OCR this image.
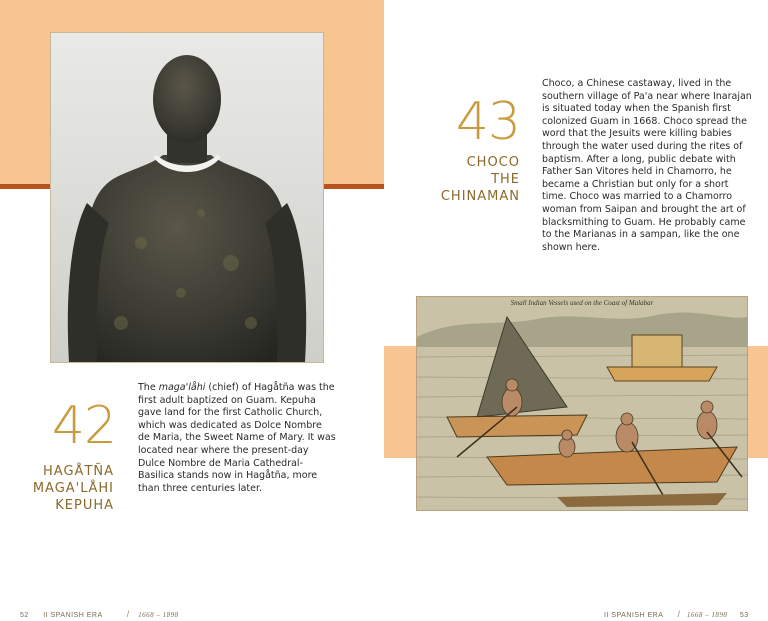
42
HAGÅTÑA
MAGA'LÅHI
KEPUHA
The maga'låhi (chief) of Hagåtña was the first adult baptized on Guam. Kepuha gave land for the first Catholic Church, which was dedicated as Dolce Nombre de Maria, the Sweet Name of Mary. It was located near where the present-day Dulce Nombre de Maria Cathedral-Basilica stands now in Hagåtña, more than three centuries later.
43
CHOCO
THE
CHINAMAN
Choco, a Chinese castaway, lived in the southern village of Pa'a near where Inarajan is situated today when the Spanish first colonized Guam in 1668. Choco spread the word that the Jesuits were killing babies through the water used during the rites of baptism. After a long, public debate with Father San Vitores held in Chamorro, he became a Christian but only for a short time. Choco was married to a Chamorro woman from Saipan and brought the art of blacksmithing to Guam. He probably came to the Marianas in a sampan, like the one shown here.
Small Indian Vessels used on the Coast of Malabar
52 II SPANISH ERA	/ 1668 – 1898	II SPANISH ERA / 1668 – 1898 53
